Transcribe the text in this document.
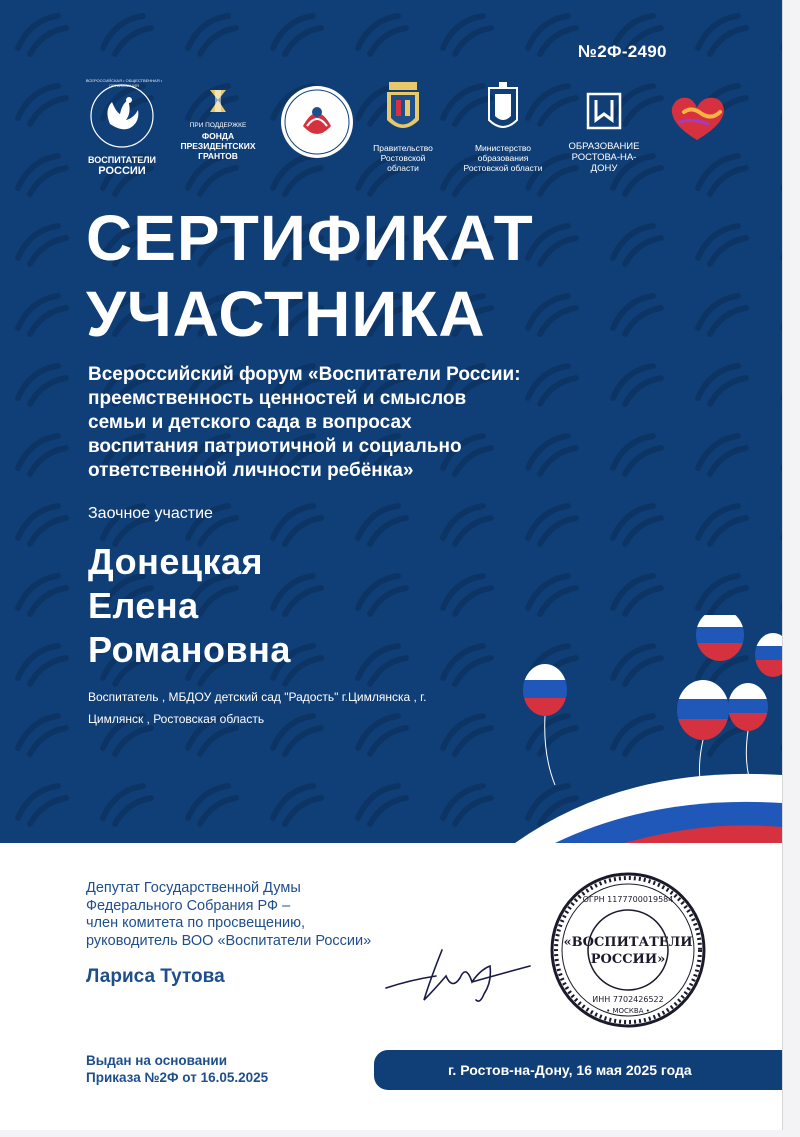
№2Ф-2490
ВОСПИТАТЕЛИ
РОССИИ
ПРИ ПОДДЕРЖКЕ
ФОНДА
ПРЕЗИДЕНТСКИХ
ГРАНТОВ
Правительство
Ростовской
области
Министерство
образования
Ростовской области
ОБРАЗОВАНИЕ
РОСТОВА-НА-ДОНУ
СЕРТИФИКАТ
УЧАСТНИКА
Всероссийский форум «Воспитатели России:
преемственность ценностей и смыслов
семьи и детского сада в вопросах
воспитания патриотичной и социально
ответственной личности ребёнка»
Заочное участие
Донецкая
Елена
Романовна
Воспитатель , МБДОУ детский сад "Радость" г.Цимлянска , г.
Цимлянск , Ростовская область
Депутат Государственной Думы
Федерального Собрания РФ –
член комитета по просвещению,
руководитель ВОО «Воспитатели России»
Лариса Тутова
«ВОСПИТАТЕЛИ
РОССИИ»
ОГРН 1177700019584
ИНН 7702426522
• МОСКВА •
Выдан на основании
Приказа №2Ф от 16.05.2025	г. Ростов-на-Дону, 16 мая 2025 года
ВСЕРОССИЙСКАЯ • ОБЩЕСТВЕННАЯ • ОРГАНИЗАЦИЯ
